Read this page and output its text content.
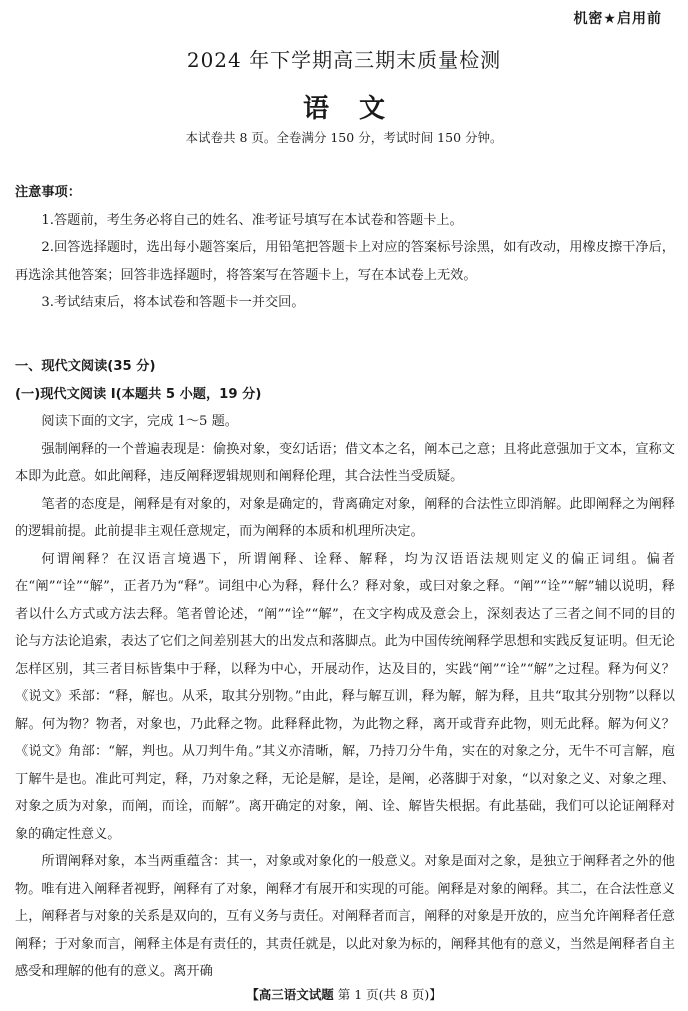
机密★启用前
2024 年下学期高三期末质量检测
语文
本试卷共 8 页。全卷满分 150 分，考试时间 150 分钟。

注意事项：

1.答题前，考生务必将自己的姓名、准考证号填写在本试卷和答题卡上。

2.回答选择题时，选出每小题答案后，用铅笔把答题卡上对应的答案标号涂黑，如有改动，用橡皮擦干净后，再选涂其他答案；回答非选择题时，将答案写在答题卡上，写在本试卷上无效。

3.考试结束后，将本试卷和答题卡一并交回。

一、现代文阅读(35 分)

(一)现代文阅读 I(本题共 5 小题，19 分)

阅读下面的文字，完成 1～5 题。

强制阐释的一个普遍表现是：偷换对象，变幻话语；借文本之名，阐本己之意；且将此意强加于文本，宣称文本即为此意。如此阐释，违反阐释逻辑规则和阐释伦理，其合法性当受质疑。

笔者的态度是，阐释是有对象的，对象是确定的，背离确定对象，阐释的合法性立即消解。此即阐释之为阐释的逻辑前提。此前提非主观任意规定，而为阐释的本质和机理所决定。

何谓阐释？在汉语言境遇下，所谓阐释、诠释、解释，均为汉语语法规则定义的偏正词组。偏者在“阐”“诠”“解”，正者乃为“释”。词组中心为释，释什么？释对象，或曰对象之释。“阐”“诠”“解”辅以说明，释者以什么方式或方法去释。笔者曾论述，“阐”“诠”“解”，在文字构成及意会上，深刻表达了三者之间不同的目的论与方法论追索，表达了它们之间差别甚大的出发点和落脚点。此为中国传统阐释学思想和实践反复证明。但无论怎样区别，其三者目标皆集中于释，以释为中心，开展动作，达及目的，实践“阐”“诠”“解”之过程。释为何义？《说文》釆部：“释，解也。从釆，取其分别物。”由此，释与解互训，释为解，解为释，且共“取其分别物”以释以解。何为物？物者，对象也，乃此释之物。此释释此物，为此物之释，离开或背弃此物，则无此释。解为何义？《说文》角部：“解，判也。从刀判牛角。”其义亦清晰，解，乃持刀分牛角，实在的对象之分，无牛不可言解，庖丁解牛是也。准此可判定，释，乃对象之释，无论是解，是诠，是阐，必落脚于对象，“以对象之义、对象之理、对象之质为对象，而阐，而诠，而解”。离开确定的对象，阐、诠、解皆失根据。有此基础，我们可以论证阐释对象的确定性意义。

所谓阐释对象，本当两重蕴含：其一，对象或对象化的一般意义。对象是面对之象，是独立于阐释者之外的他物。唯有进入阐释者视野，阐释有了对象，阐释才有展开和实现的可能。阐释是对象的阐释。其二，在合法性意义上，阐释者与对象的关系是双向的，互有义务与责任。对阐释者而言，阐释的对象是开放的，应当允许阐释者任意阐释；于对象而言，阐释主体是有责任的，其责任就是，以此对象为标的，阐释其他有的意义，当然是阐释者自主感受和理解的他有的意义。离开确

【高三语文试题 第 1 页(共 8 页)】
